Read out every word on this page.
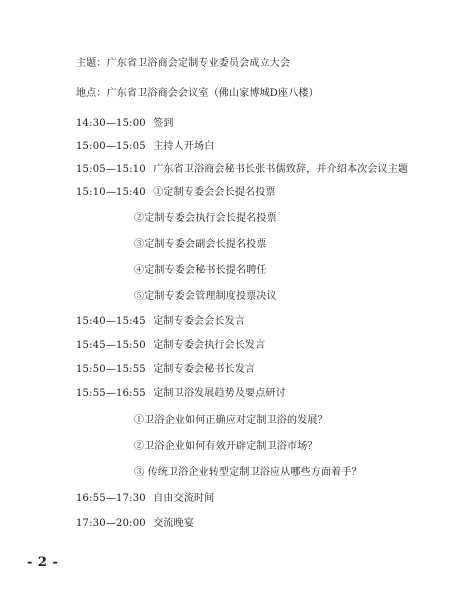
主题：广东省卫浴商会定制专业委员会成立大会
地点：广东省卫浴商会会议室（佛山家博城D座八楼）
14:30—15:00 签到
15:00—15:05 主持人开场白
15:05—15:10 广东省卫浴商会秘书长张书儒致辞，并介绍本次会议主题
15:10—15:40 ①定制专委会会长提名投票
②定制专委会执行会长提名投票
③定制专委会副会长提名投票
④定制专委会秘书长提名聘任
⑤定制专委会管理制度投票决议
15:40—15:45 定制专委会会长发言
15:45—15:50 定制专委会执行会长发言
15:50—15:55 定制专委会秘书长发言
15:55—16:55 定制卫浴发展趋势及要点研讨
①卫浴企业如何正确应对定制卫浴的发展？
②卫浴企业如何有效开辟定制卫浴市场？
③ 传统卫浴企业转型定制卫浴应从哪些方面着手？
16:55—17:30 自由交流时间
17:30—20:00 交流晚宴
- 2 -
